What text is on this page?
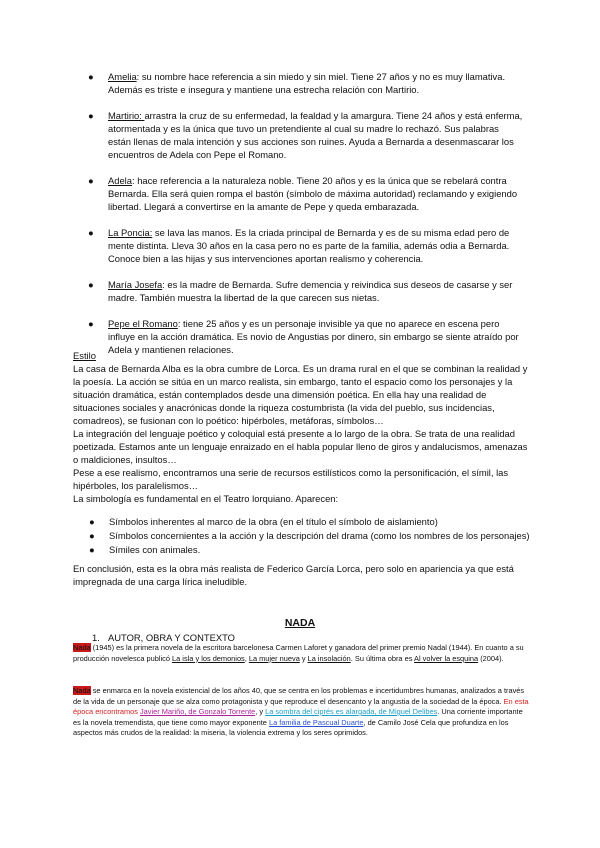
● Amelia: su nombre hace referencia a sin miedo y sin miel. Tiene 27 años y no es muy llamativa. Además es triste e insegura y mantiene una estrecha relación con Martirio.
● Martirio: arrastra la cruz de su enfermedad, la fealdad y la amargura. Tiene 24 años y está enferma, atormentada y es la única que tuvo un pretendiente al cual su madre lo rechazó. Sus palabras están llenas de mala intención y sus acciones son ruines. Ayuda a Bernarda a desenmascarar los encuentros de Adela con Pepe el Romano.
● Adela: hace referencia a la naturaleza noble. Tiene 20 años y es la única que se rebelará contra Bernarda. Ella será quien rompa el bastón (símbolo de máxima autoridad) reclamando y exigiendo libertad. Llegará a convertirse en la amante de Pepe y queda embarazada.
● La Poncia: se lava las manos. Es la criada principal de Bernarda y es de su misma edad pero de mente distinta. Lleva 30 años en la casa pero no es parte de la familia, además odia a Bernarda. Conoce bien a las hijas y sus intervenciones aportan realismo y coherencia.
● María Josefa: es la madre de Bernarda. Sufre demencia y reivindica sus deseos de casarse y ser madre. También muestra la libertad de la que carecen sus nietas.
● Pepe el Romano: tiene 25 años y es un personaje invisible ya que no aparece en escena pero influye en la acción dramática. Es novio de Angustias por dinero, sin embargo se siente atraído por Adela y mantienen relaciones.

Estilo

La casa de Bernarda Alba es la obra cumbre de Lorca. Es un drama rural en el que se combinan la realidad y la poesía. La acción se sitúa en un marco realista, sin embargo, tanto el espacio como los personajes y la situación dramática, están contemplados desde una dimensión poética. En ella hay una realidad de situaciones sociales y anacrónicas donde la riqueza costumbrista (la vida del pueblo, sus incidencias, comadreos), se fusionan con lo poético: hipérboles, metáforas, símbolos…

La integración del lenguaje poético y coloquial está presente a lo largo de la obra. Se trata de una realidad poetizada. Estamos ante un lenguaje enraizado en el habla popular lleno de giros y andalucismos, amenazas o maldiciones, insultos…

Pese a ese realismo, encontramos una serie de recursos estilísticos como la personificación, el símil, las hipérboles, los paralelismos…

La simbología es fundamental en el Teatro lorquiano. Aparecen:

● Símbolos inherentes al marco de la obra (en el título el símbolo de aislamiento)
● Símbolos concernientes a la acción y la descripción del drama (como los nombres de los personajes)
● Símiles con animales.

En conclusión, esta es la obra más realista de Federico García Lorca, pero solo en apariencia ya que está impregnada de una carga lírica ineludible.

NADA
1. AUTOR, OBRA Y CONTEXTO
Nada (1945) es la primera novela de la escritora barcelonesa Carmen Laforet y ganadora del primer premio Nadal (1944). En cuanto a su producción novelesca publicó La isla y los demonios, La mujer nueva y La insolación. Su última obra es Al volver la esquina (2004).
Nada se enmarca en la novela existencial de los años 40, que se centra en los problemas e incertidumbres humanas, analizados a través de la vida de un personaje que se alza como protagonista y que reproduce el desencanto y la angustia de la sociedad de la época. En esta época encontramos Javier Mariño, de Gonzalo Torrente, y La sombra del ciprés es alargada, de Miguel Delibes. Una corriente importante es la novela tremendista, que tiene como mayor exponente La familia de Pascual Duarte, de Camilo José Cela que profundiza en los aspectos más crudos de la realidad: la miseria, la violencia extrema y los seres oprimidos.
